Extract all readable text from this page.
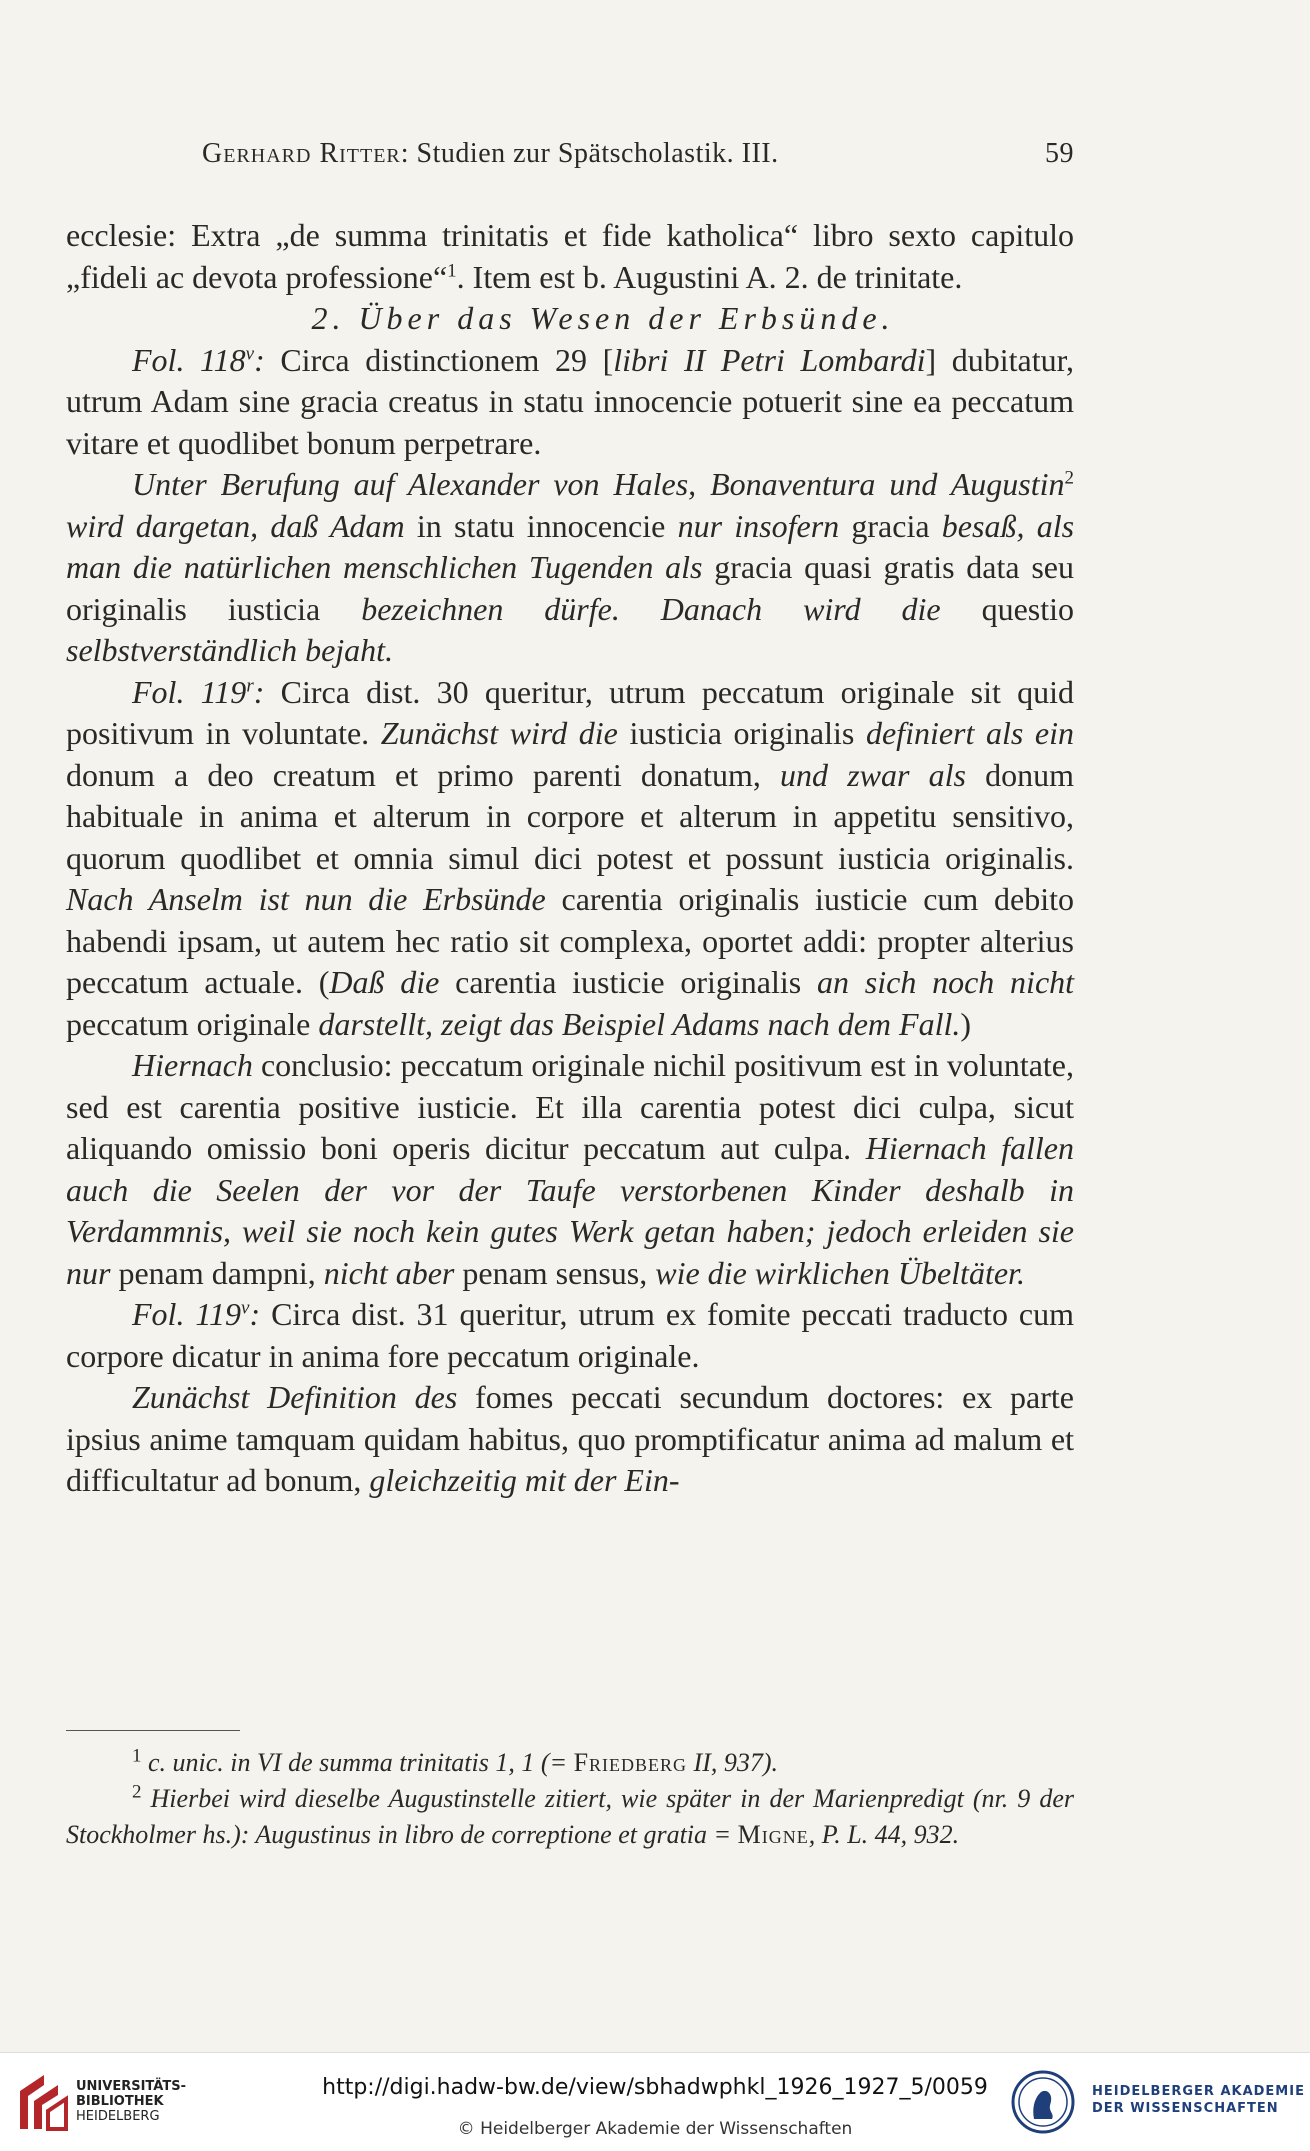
Gerhard Ritter: Studien zur Spätscholastik. III.	59

ecclesie: Extra „de summa trinitatis et fide katholica“ libro sexto capitulo „fideli ac devota professione“$^1$. Item est b. Augustini A. 2. de trinitate.

2. Über das Wesen der Erbsünde.

Fol. 118$^v$: Circa distinctionem 29 [libri II Petri Lombardi] dubitatur, utrum Adam sine gracia creatus in statu innocencie potuerit sine ea peccatum vitare et quodlibet bonum perpetrare.

Unter Berufung auf Alexander von Hales, Bonaventura und Augustin$^2$ wird dargetan, daß Adam in statu innocencie nur insofern gracia besaß, als man die natürlichen menschlichen Tugenden als gracia quasi gratis data seu originalis iusticia bezeichnen dürfe. Danach wird die questio selbstverständlich bejaht.

Fol. 119$^r$: Circa dist. 30 queritur, utrum peccatum originale sit quid positivum in voluntate. Zunächst wird die iusticia originalis definiert als ein donum a deo creatum et primo parenti donatum, und zwar als donum habituale in anima et alterum in corpore et alterum in appetitu sensitivo, quorum quodlibet et omnia simul dici potest et possunt iusticia originalis. Nach Anselm ist nun die Erbsünde carentia originalis iusticie cum debito habendi ipsam, ut autem hec ratio sit complexa, oportet addi: propter alterius peccatum actuale. (Daß die carentia iusticie originalis an sich noch nicht peccatum originale darstellt, zeigt das Beispiel Adams nach dem Fall.)

Hiernach conclusio: peccatum originale nichil positivum est in voluntate, sed est carentia positive iusticie. Et illa carentia potest dici culpa, sicut aliquando omissio boni operis dicitur peccatum aut culpa. Hiernach fallen auch die Seelen der vor der Taufe verstorbenen Kinder deshalb in Verdammnis, weil sie noch kein gutes Werk getan haben; jedoch erleiden sie nur penam dampni, nicht aber penam sensus, wie die wirklichen Übeltäter.

Fol. 119$^v$: Circa dist. 31 queritur, utrum ex fomite peccati traducto cum corpore dicatur in anima fore peccatum originale.

Zunächst Definition des fomes peccati secundum doctores: ex parte ipsius anime tamquam quidam habitus, quo promptificatur anima ad malum et difficultatur ad bonum, gleichzeitig mit der Ein-

$^1$ c. unic. in VI de summa trinitatis 1, 1 (= Friedberg II, 937).

$^2$ Hierbei wird dieselbe Augustinstelle zitiert, wie später in der Marienpredigt (nr. 9 der Stockholmer hs.): Augustinus in libro de correptione et gratia = Migne, P. L. 44, 932.

UNIVERSITÄTS-
BIBLIOTHEK
HEIDELBERG
http://digi.hadw-bw.de/view/sbhadwphkl_1926_1927_5/0059
© Heidelberger Akademie der Wissenschaften
HEIDELBERGER AKADEMIE
DER WISSENSCHAFTEN
